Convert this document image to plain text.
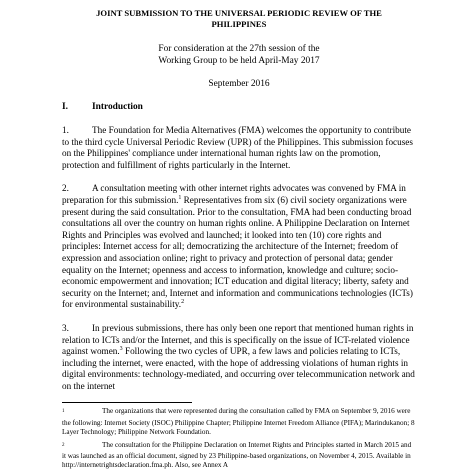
JOINT SUBMISSION TO THE UNIVERSAL PERIODIC REVIEW OF THE
PHILIPPINES

For consideration at the 27th session of the
Working Group to be held April-May 2017

September 2016

I.	Introduction

1.	The Foundation for Media Alternatives (FMA) welcomes the opportunity to contribute to the third cycle Universal Periodic Review (UPR) of the Philippines. This submission focuses on the Philippines' compliance under international human rights law on the promotion, protection and fulfillment of rights particularly in the Internet.

2.	A consultation meeting with other internet rights advocates was convened by FMA in preparation for this submission.$^1$ Representatives from six (6) civil society organizations were present during the said consultation. Prior to the consultation, FMA had been conducting broad consultations all over the country on human rights online. A Philippine Declaration on Internet Rights and Principles was evolved and launched; it looked into ten (10) core rights and principles: Internet access for all; democratizing the architecture of the Internet; freedom of expression and association online; right to privacy and protection of personal data; gender equality on the Internet; openness and access to information, knowledge and culture; socio-economic empowerment and innovation; ICT education and digital literacy; liberty, safety and security on the Internet; and, Internet and information and communications technologies (ICTs) for environmental sustainability.$^2$

3.	In previous submissions, there has only been one report that mentioned human rights in relation to ICTs and/or the Internet, and this is specifically on the issue of ICT-related violence against women.$^3$ Following the two cycles of UPR, a few laws and policies relating to ICTs, including the internet, were enacted, with the hope of addressing violations of human rights in digital environments: technology-mediated, and occurring over telecommunication network and on the internet

$^1$	The organizations that were represented during the consultation called by FMA on September 9, 2016 were the following: Internet Society (ISOC) Philippine Chapter; Philippine Internet Freedom Alliance (PIFA); Marindukanon; 8 Layer Technology; Philippine Network Foundation.

$^2$	The consultation for the Philippine Declaration on Internet Rights and Principles started in March 2015 and it was launched as an official document, signed by 23 Philippine-based organizations, on November 4, 2015. Available in http://internetrightsdeclaration.fma.ph. Also, see Annex A
